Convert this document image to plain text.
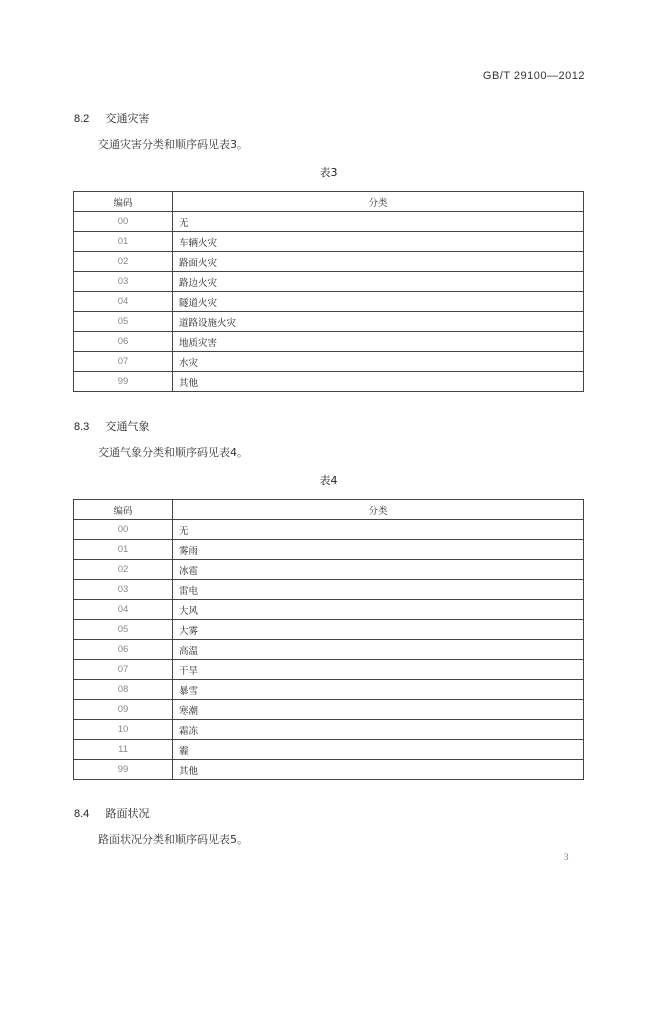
GB/T 29100—2012
8.2 交通灾害
交通灾害分类和顺序码见表3。
表3
编码	分类
00	无
01	车辆火灾
02	路面火灾
03	路边火灾
04	隧道火灾
05	道路设施火灾
06	地质灾害
07	水灾
99	其他
8.3 交通气象
交通气象分类和顺序码见表4。
表4
编码	分类
00	无
01	雾雨
02	冰雹
03	雷电
04	大风
05	大雾
06	高温
07	干旱
08	暴雪
09	寒潮
10	霜冻
11	霾
99	其他
8.4 路面状况
路面状况分类和顺序码见表5。
3
